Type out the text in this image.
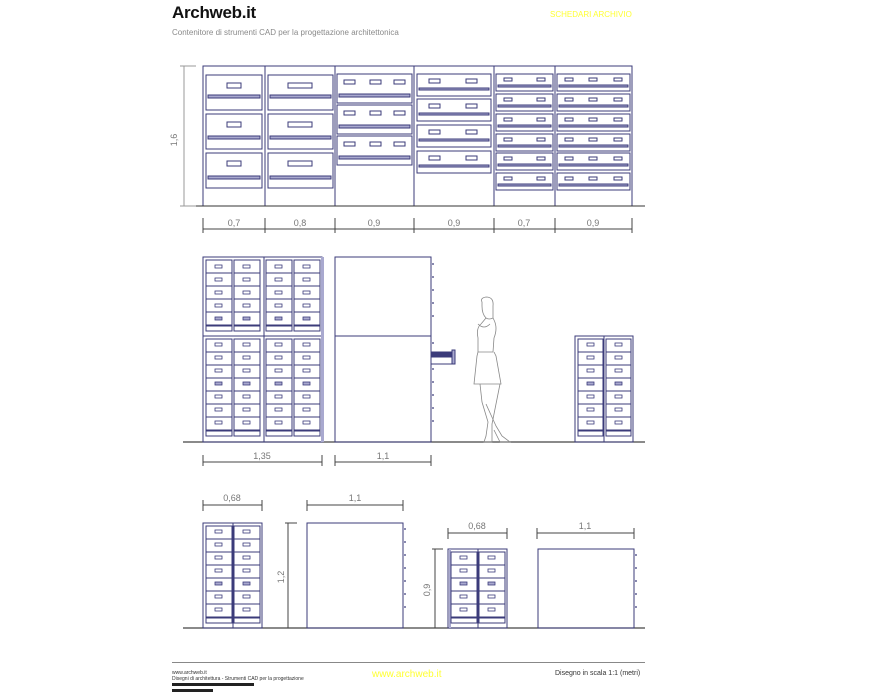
Archweb.it
Contenitore di strumenti CAD per la progettazione architettonica
SCHEDARI ARCHIVIO
1,6
0,7	0,8	0,9	0,9	0,7	0,9
1,35	1,1
0,68	1,1
0,68	1,1
1,2
0,9
www.archweb.it
Disegni di architettura - Strumenti CAD per la progettazione	www.archweb.it	Disegno in scala 1:1 (metri)
